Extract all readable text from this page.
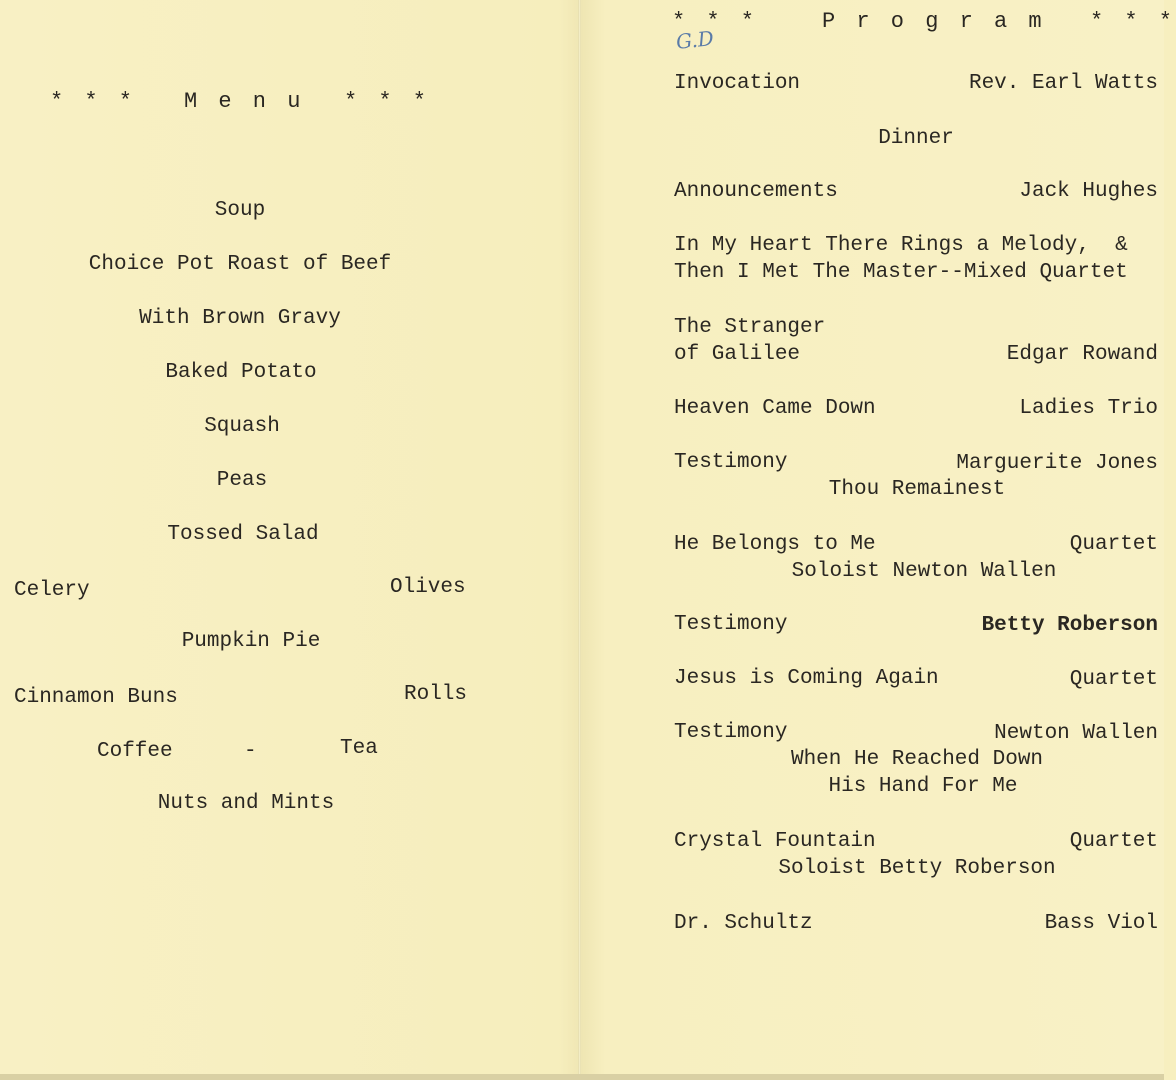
* * * M e n u * * *
Soup
Choice Pot Roast of Beef
With Brown Gravy
Baked Potato
Squash
Peas
Tossed Salad
Celery	Olives
Pumpkin Pie
Cinnamon Buns	Rolls
Coffee	-	Tea
Nuts and Mints
* * *	P r o g r a m * * *
G.D
Invocation	Rev. Earl Watts
Dinner
Announcements	Jack Hughes
In My Heart There Rings a Melody,  &
Then I Met The Master--Mixed Quartet
The Stranger
of Galilee	Edgar Rowand
Heaven Came Down	Ladies Trio
Testimony	Marguerite Jones
Thou Remainest
He Belongs to Me	Quartet
Soloist Newton Wallen
Testimony	Betty Roberson
Jesus is Coming Again	Quartet
Testimony	Newton Wallen
When He Reached Down
His Hand For Me
Crystal Fountain	Quartet
Soloist Betty Roberson
Dr. Schultz	Bass Viol
